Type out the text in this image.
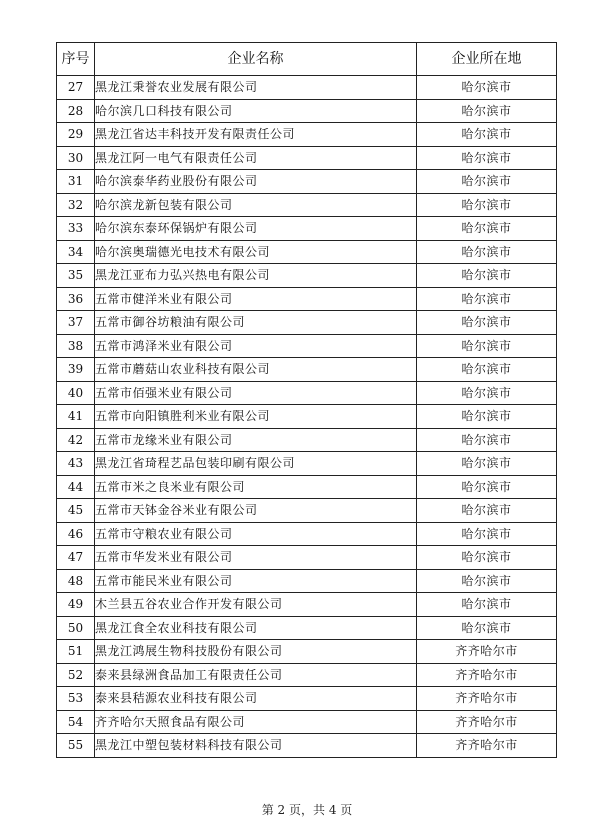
序号	企业名称	企业所在地
27	黑龙江秉誉农业发展有限公司	哈尔滨市
28	哈尔滨几口科技有限公司	哈尔滨市
29	黑龙江省达丰科技开发有限责任公司	哈尔滨市
30	黑龙江阿一电气有限责任公司	哈尔滨市
31	哈尔滨泰华药业股份有限公司	哈尔滨市
32	哈尔滨龙新包装有限公司	哈尔滨市
33	哈尔滨东泰环保锅炉有限公司	哈尔滨市
34	哈尔滨奥瑞德光电技术有限公司	哈尔滨市
35	黑龙江亚布力弘兴热电有限公司	哈尔滨市
36	五常市健洋米业有限公司	哈尔滨市
37	五常市御谷坊粮油有限公司	哈尔滨市
38	五常市鸿泽米业有限公司	哈尔滨市
39	五常市蘑菇山农业科技有限公司	哈尔滨市
40	五常市佰强米业有限公司	哈尔滨市
41	五常市向阳镇胜利米业有限公司	哈尔滨市
42	五常市龙缘米业有限公司	哈尔滨市
43	黑龙江省琦程艺品包装印刷有限公司	哈尔滨市
44	五常市米之良米业有限公司	哈尔滨市
45	五常市天钵金谷米业有限公司	哈尔滨市
46	五常市守粮农业有限公司	哈尔滨市
47	五常市华发米业有限公司	哈尔滨市
48	五常市能民米业有限公司	哈尔滨市
49	木兰县五谷农业合作开发有限公司	哈尔滨市
50	黑龙江食全农业科技有限公司	哈尔滨市
51	黑龙江鸿展生物科技股份有限公司	齐齐哈尔市
52	泰来县绿洲食品加工有限责任公司	齐齐哈尔市
53	泰来县秸源农业科技有限公司	齐齐哈尔市
54	齐齐哈尔天照食品有限公司	齐齐哈尔市
55	黑龙江中塑包装材料科技有限公司	齐齐哈尔市
第 2 页，共 4 页
